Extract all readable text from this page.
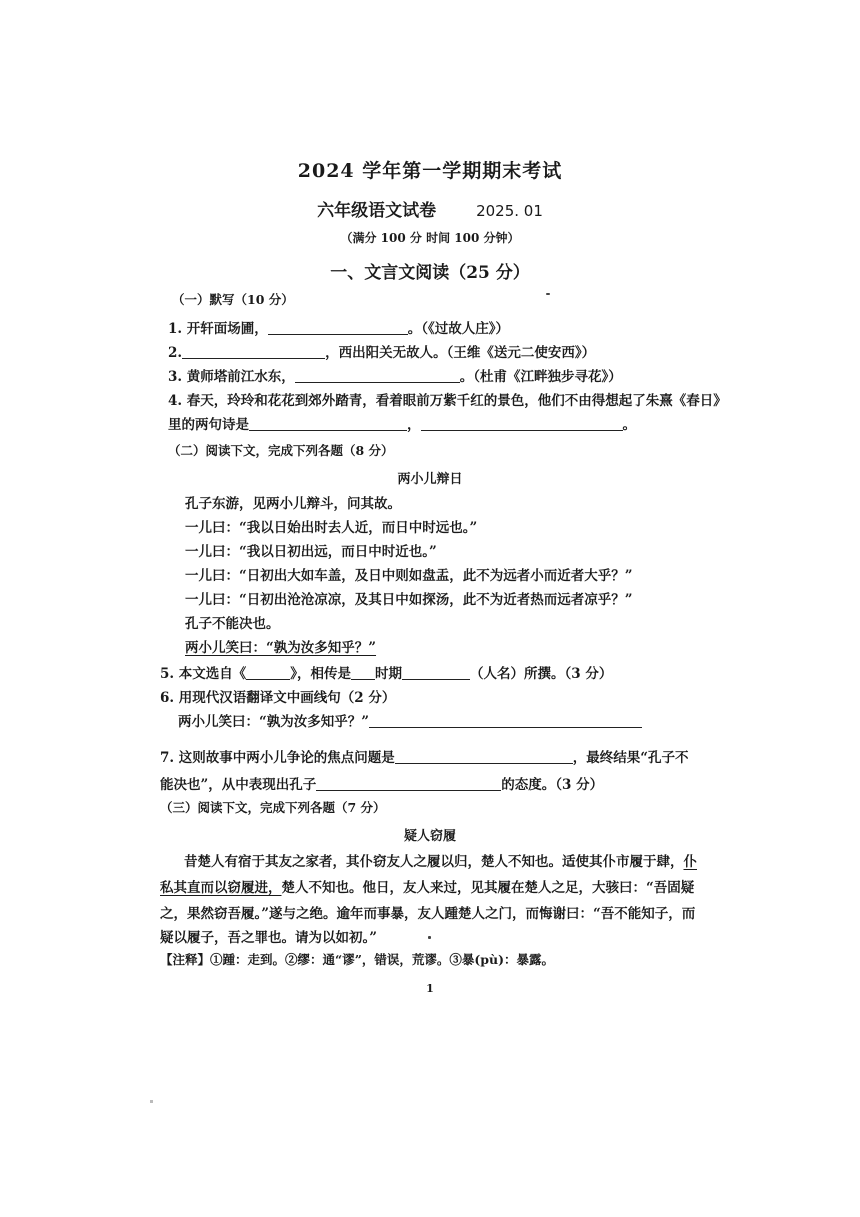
2024 学年第一学期期末考试
六年级语文试卷	2025. 01
（满分 100 分 时间 100 分钟）
一、文言文阅读（25 分）
（一）默写（10 分）
1. 开轩面场圃，	。（《过故人庄》）
2.	，西出阳关无故人。（王维《送元二使安西》）
3. 黄师塔前江水东，	。（杜甫《江畔独步寻花》）
4. 春天，玲玲和花花到郊外踏青，看着眼前万紫千红的景色，他们不由得想起了朱熹《春日》
里的两句诗是	，	。
（二）阅读下文，完成下列各题（8 分）
两小儿辩日
孔子东游，见两小儿辩斗，问其故。
一儿曰：“我以日始出时去人近，而日中时远也。”
一儿曰：“我以日初出远，而日中时近也。”
一儿曰：“日初出大如车盖，及日中则如盘盂，此不为远者小而近者大乎？”
一儿曰：“日初出沧沧凉凉，及其日中如探汤，此不为近者热而远者凉乎？”
孔子不能决也。
两小儿笑曰：“孰为汝多知乎？”
5. 本文选自《	》，相传是 时期	（人名）所撰。（3 分）
6. 用现代汉语翻译文中画线句（2 分）
两小儿笑曰：“孰为汝多知乎？”
7. 这则故事中两小儿争论的焦点问题是	，最终结果“孔子不
能决也”，从中表现出孔子	的态度。（3 分）
（三）阅读下文，完成下列各题（7 分）
疑人窃履
昔楚人有宿于其友之家者，其仆窃友人之履以归，楚人不知也。适使其仆市履于肆，仆
私其直而以窃履进，楚人不知也。他日，友人来过，见其履在楚人之足，大骇曰：“吾固疑
之，果然窃吾履。”遂与之绝。逾年而事暴，友人踵楚人之门，而悔谢曰：“吾不能知子，而
疑以履子，吾之罪也。请为以如初。”
【注释】①踵：走到。②缪：通“谬”，错误，荒谬。③暴(pù)：暴露。
1
